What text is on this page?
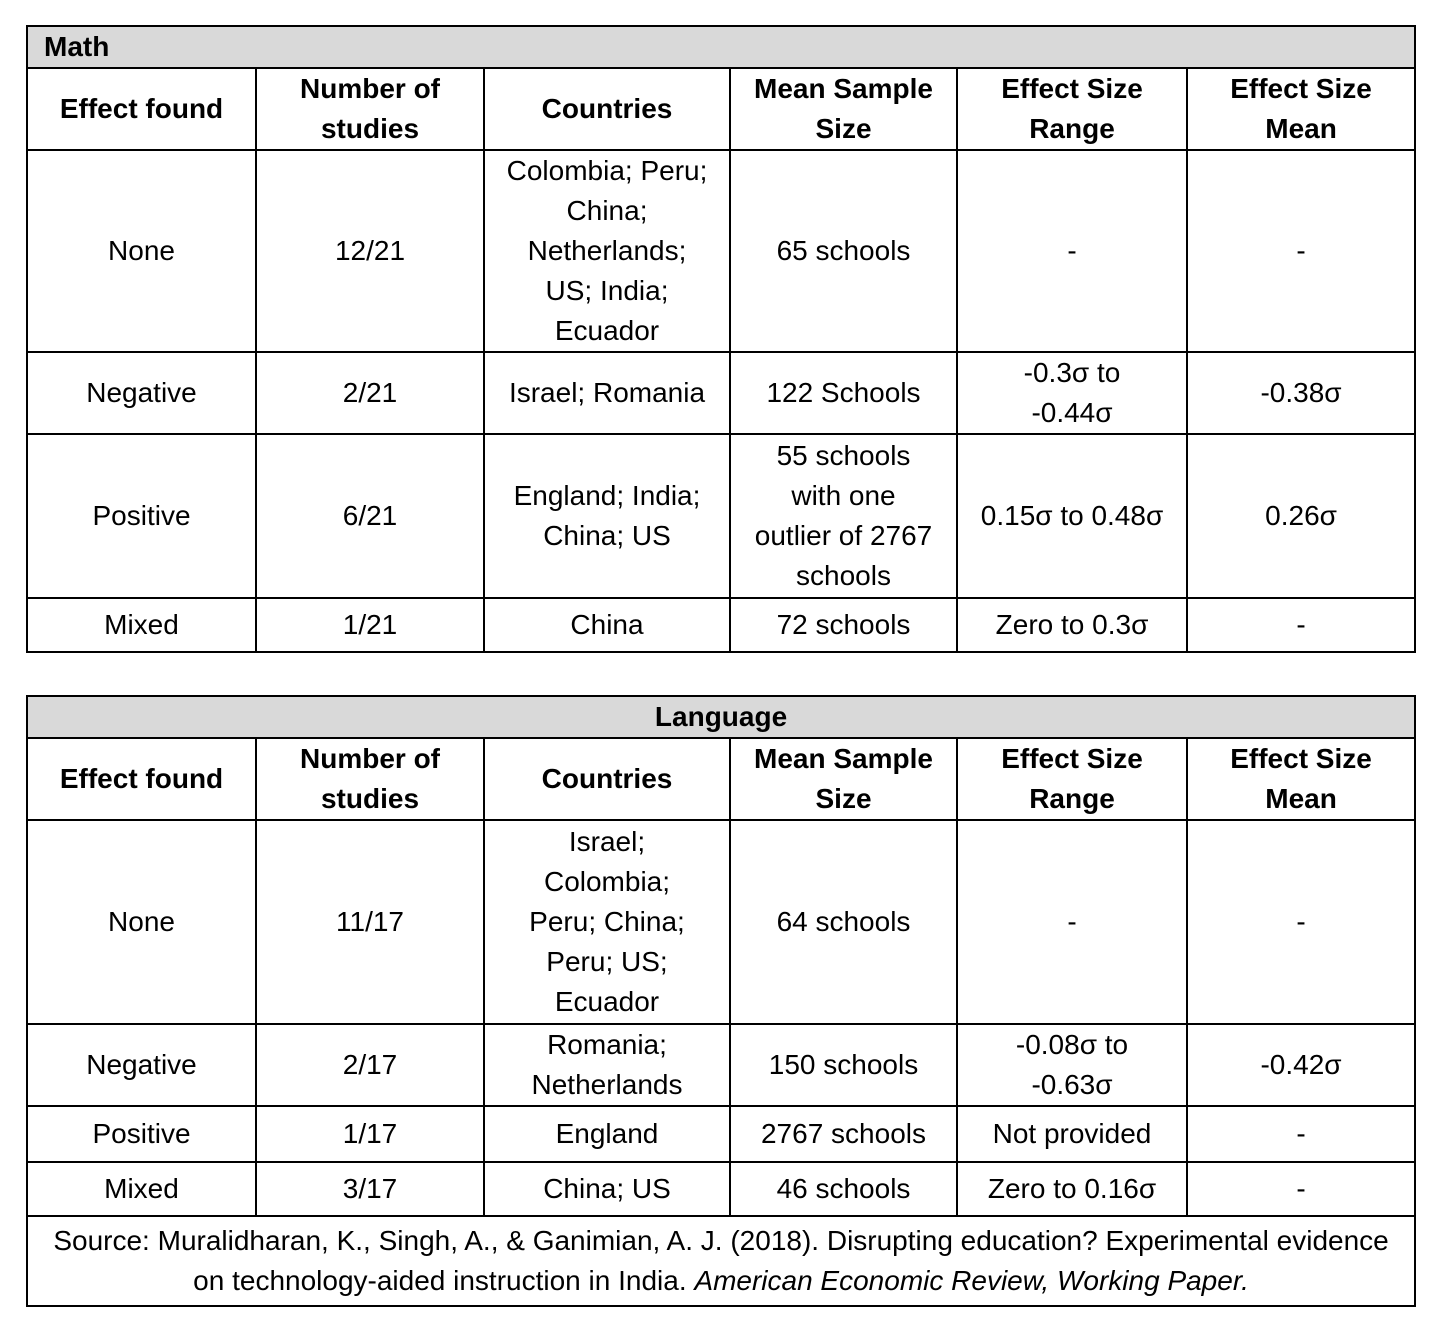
Math					
Effect found	Number of studies	Countries	Mean Sample Size	Effect Size Range	Effect Size Mean
None	12/21	Colombia; Peru; China; Netherlands; US; India; Ecuador	65 schools	-	-
Negative	2/21	Israel; Romania	122 Schools	-0.3σ to -0.44σ	-0.38σ
Positive	6/21	England; India; China; US	55 schools with one outlier of 2767 schools	0.15σ to 0.48σ	0.26σ
Mixed	1/21	China	72 schools	Zero to 0.3σ	-
Language					
Effect found	Number of studies	Countries	Mean Sample Size	Effect Size Range	Effect Size Mean
None	11/17	Israel; Colombia; Peru; China; Peru; US; Ecuador	64 schools	-	-
Negative	2/17	Romania; Netherlands	150 schools	-0.08σ to -0.63σ	-0.42σ
Positive	1/17	England	2767 schools	Not provided	-
Mixed	3/17	China; US	46 schools	Zero to 0.16σ	-
Source: Muralidharan, K., Singh, A., & Ganimian, A. J. (2018). Disrupting education? Experimental evidence on technology-aided instruction in India. American Economic Review, Working Paper.					
